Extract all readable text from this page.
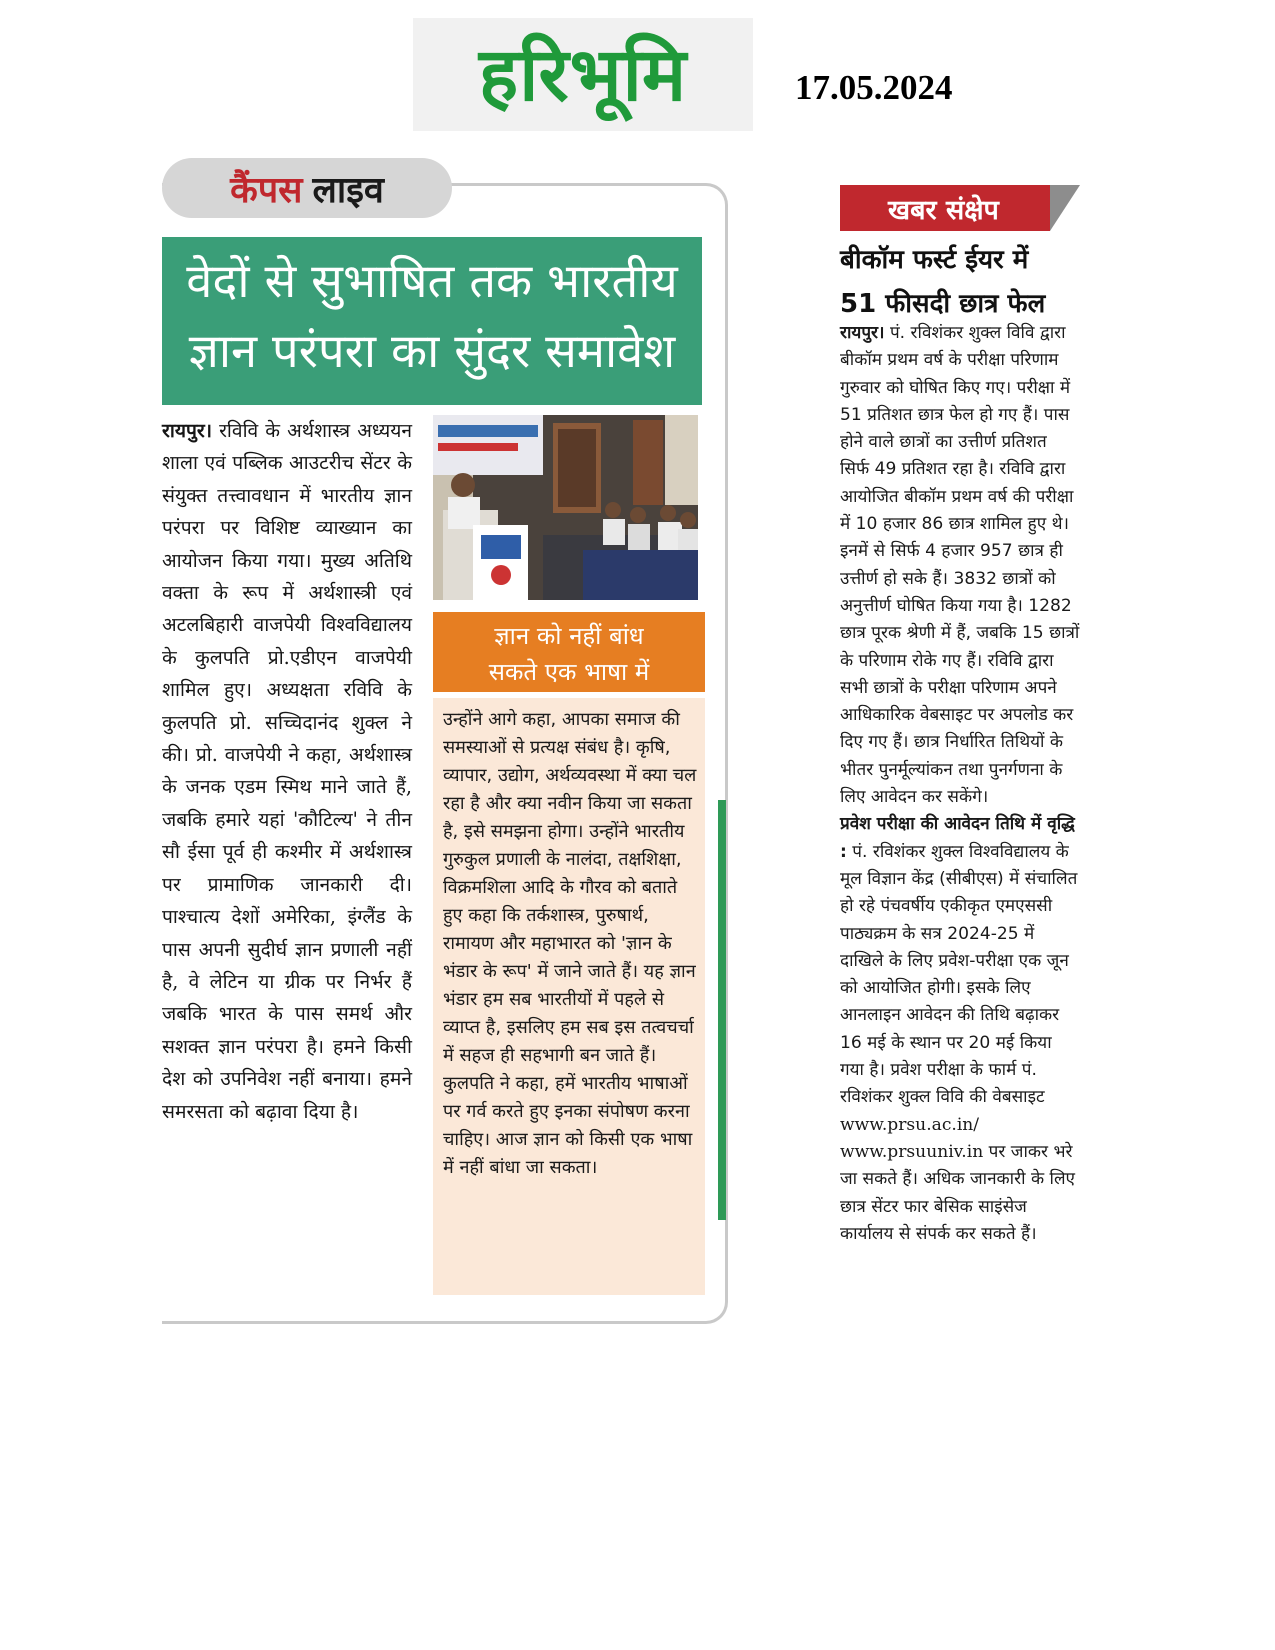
हरिभूमि	17.05.2024
कैंपस लाइव
वेदों से सुभाषित तक भारतीय
ज्ञान परंपरा का सुंदर समावेश
रायपुर। रविवि के अर्थशास्त्र अध्ययन शाला एवं पब्लिक आउटरीच सेंटर के संयुक्त तत्त्वावधान में भारतीय ज्ञान परंपरा पर विशिष्ट व्याख्यान का आयोजन किया गया। मुख्य अतिथि वक्ता के रूप में अर्थशास्त्री एवं अटलबिहारी वाजपेयी विश्वविद्यालय के कुलपति प्रो.एडीएन वाजपेयी शामिल हुए। अध्यक्षता रविवि के कुलपति प्रो. सच्चिदानंद शुक्ल ने की। प्रो. वाजपेयी ने कहा, अर्थशास्त्र के जनक एडम स्मिथ माने जाते हैं, जबकि हमारे यहां 'कौटिल्य' ने तीन सौ ईसा पूर्व ही कश्मीर में अर्थशास्त्र पर प्रामाणिक जानकारी दी। पाश्चात्य देशों अमेरिका, इंग्लैंड के पास अपनी सुदीर्घ ज्ञान प्रणाली नहीं है, वे लेटिन या ग्रीक पर निर्भर हैं जबकि भारत के पास समर्थ और सशक्त ज्ञान परंपरा है। हमने किसी देश को उपनिवेश नहीं बनाया। हमने समरसता को बढ़ावा दिया है।
ज्ञान को नहीं बांध
सकते एक भाषा में
उन्होंने आगे कहा, आपका समाज की समस्याओं से प्रत्यक्ष संबंध है। कृषि, व्यापार, उद्योग, अर्थव्यवस्था में क्या चल रहा है और क्या नवीन किया जा सकता है, इसे समझना होगा। उन्होंने भारतीय गुरुकुल प्रणाली के नालंदा, तक्षशिक्षा, विक्रमशिला आदि के गौरव को बताते हुए कहा कि तर्कशास्त्र, पुरुषार्थ, रामायण और महाभारत को 'ज्ञान के भंडार के रूप' में जाने जाते हैं। यह ज्ञान भंडार हम सब भारतीयों में पहले से व्याप्त है, इसलिए हम सब इस तत्वचर्चा में सहज ही सहभागी बन जाते हैं। कुलपति ने कहा, हमें भारतीय भाषाओं पर गर्व करते हुए इनका संपोषण करना चाहिए। आज ज्ञान को किसी एक भाषा में नहीं बांधा जा सकता।
खबर संक्षेप
बीकॉम फर्स्ट ईयर में
51 फीसदी छात्र फेल
रायपुर। पं. रविशंकर शुक्ल विवि द्वारा बीकॉम प्रथम वर्ष के परीक्षा परिणाम गुरुवार को घोषित किए गए। परीक्षा में 51 प्रतिशत छात्र फेल हो गए हैं। पास होने वाले छात्रों का उत्तीर्ण प्रतिशत सिर्फ 49 प्रतिशत रहा है। रविवि द्वारा आयोजित बीकॉम प्रथम वर्ष की परीक्षा में 10 हजार 86 छात्र शामिल हुए थे। इनमें से सिर्फ 4 हजार 957 छात्र ही उत्तीर्ण हो सके हैं। 3832 छात्रों को अनुत्तीर्ण घोषित किया गया है। 1282 छात्र पूरक श्रेणी में हैं, जबकि 15 छात्रों के परिणाम रोके गए हैं। रविवि द्वारा सभी छात्रों के परीक्षा परिणाम अपने आधिकारिक वेबसाइट पर अपलोड कर दिए गए हैं। छात्र निर्धारित तिथियों के भीतर पुनर्मूल्यांकन तथा पुनर्गणना के लिए आवेदन कर सकेंगे।
प्रवेश परीक्षा की आवेदन तिथि में वृद्धि : पं. रविशंकर शुक्ल विश्वविद्यालय के मूल विज्ञान केंद्र (सीबीएस) में संचालित हो रहे पंचवर्षीय एकीकृत एमएससी पाठ्यक्रम के सत्र 2024-25 में दाखिले के लिए प्रवेश-परीक्षा एक जून को आयोजित होगी। इसके लिए आनलाइन आवेदन की तिथि बढ़ाकर 16 मई के स्थान पर 20 मई किया गया है। प्रवेश परीक्षा के फार्म पं. रविशंकर शुक्ल विवि की वेबसाइट
www.prsu.ac.in/
www.prsuuniv.in पर जाकर भरे जा सकते हैं। अधिक जानकारी के लिए छात्र सेंटर फार बेसिक साइंसेज कार्यालय से संपर्क कर सकते हैं।
